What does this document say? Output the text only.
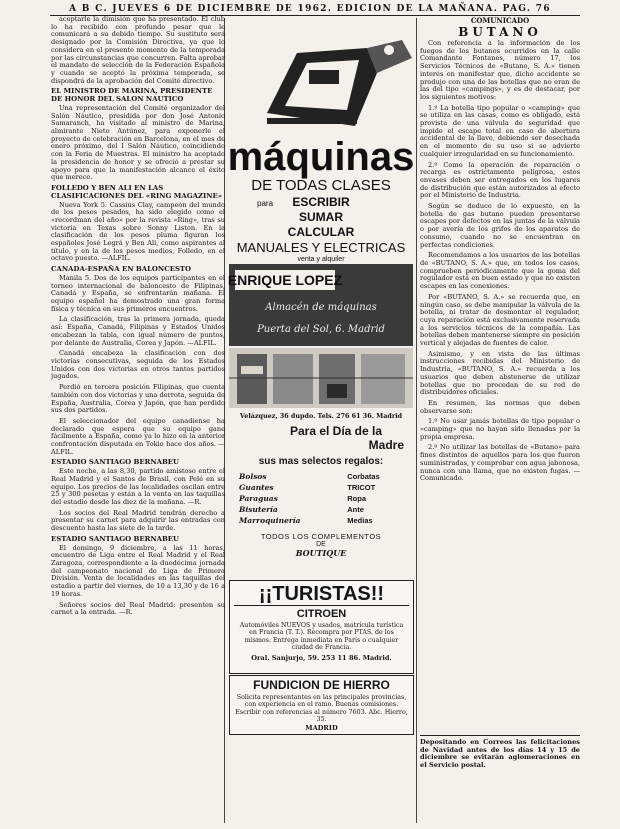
A B C. JUEVES 6 DE DICIEMBRE DE 1962. EDICION DE LA MAÑANA. PAG. 76

aceptarle la dimisión que ha presentado. El club lo ha recibido con profundo pesar que le comunicará a su debido tiempo. Su sustituto será designado por la Comisión Directiva, ya que lo considera en el presente momento de la temporada por las circunstancias que concurren. Falta aprobar el mandato de selección de la Federación Española y cuando se aceptó la próxima temporada, se dispondrá de la aprobación del Comité directivo.

EL MINISTRO DE MARINA, PRESIDENTE DE HONOR DEL SALON NAUTICO

Una representación del Comité organizador del Salón Náutico, presidida por don José Antonio Samaranch, ha visitado al ministro de Marina, almirante Nieto Antúnez, para exponerle el proyecto de celebración en Barcelona, en el mes de enero próximo, del I Salón Náutico, coincidiendo con la Feria de Muestras. El ministro ha aceptado la presidencia de honor y se ofreció a prestar su apoyo para que la manifestación alcance el éxito que merece.

FOLLEDO Y BEN ALI EN LAS CLASIFICACIONES DEL «RING MAGAZINE»

Nueva York 5. Cassius Clay, campeón del mundo de los pesos pesados, ha sido elegido como el «recordman del año» por la revista «Ring», tras su victoria en Texas sobre Sonny Liston. En la clasificación de los pesos pluma figuran los españoles José Legrá y Ben Ali, como aspirantes al título, y en la de los pesos medios, Folledo, en el octavo puesto. —ALFIL.

CANADA-ESPAÑA EN BALONCESTO

Manila 5. Dos de los equipos participantes en el torneo internacional de baloncesto de Filipinas, Canadá y España, se enfrentarán mañana. El equipo español ha demostrado una gran forma física y técnica en sus primeros encuentros.

La clasificación, tras la primera jornada, queda así: España, Canadá, Filipinas y Estados Unidos encabezan la tabla, con igual número de puntos, por delante de Australia, Corea y Japón. —ALFIL.

Canadá encabeza la clasificación con dos victorias consecutivas, seguida de los Estados Unidos con dos victorias en otros tantos partidos jugados.

Perdió en tercera posición Filipinas, que cuenta también con dos victorias y una derrota, seguida de España, Australia, Corea y Japón, que han perdido sus dos partidos.

El seleccionador del equipo canadiense ha declarado que espera que su equipo gane fácilmente a España, como ya lo hizo en la anterior confrontación disputada en Tokio hace dos años. —ALFIL.

ESTADIO SANTIAGO BERNABEU

Este noche, a las 8,30, partido amistoso entre el Real Madrid y el Santos de Brasil, con Pelé en su equipo. Los precios de las localidades oscilan entre 25 y 300 pesetas y están a la venta en las taquillas del estadio desde las diez de la mañana. —R.

Los socios del Real Madrid tendrán derecho a presentar su carnet para adquirir las entradas con descuento hasta las siete de la tarde.

ESTADIO SANTIAGO BERNABEU

El domingo, 9 diciembre, a las 11 horas, encuentro de Liga entre el Real Madrid y el Real Zaragoza, correspondiente a la duodécima jornada del campeonato nacional de Liga de Primera División. Venta de localidades en las taquillas del estadio a partir del viernes, de 10 a 13,30 y de 16 a 19 horas.

Señores socios del Real Madrid: presenten su carnet a la entrada. —R.

máquinas
DE TODAS CLASES
para ESCRIBIR
SUMAR
CALCULAR
MANUALES Y ELECTRICAS
venta y alquiler
ENRIQUE LOPEZ
Almacén de máquinas
Puerta del Sol, 6. Madrid
Velázquez, 36 dupdo. Tels. 276 61 36. Madrid
Para el Día de la
Madre
sus mas selectos regalos:
Bolsos	Corbatas
Guantes	TRICOT
Paraguas	Ropa
Bisutería	Ante
Marroquinería	Medias
TODOS LOS COMPLEMENTOS
DE
BOUTIQUE
¡¡TURISTAS!!
CITROEN
Automóviles NUEVOS y usados, matrícula turística en Francia (T. T.). Recompra por PTAS. de los mismos. Entrega inmediata en París o cualquier ciudad de Francia.
Oral. Sanjurjo, 59. 253 11 86. Madrid.
FUNDICION DE HIERRO
Solicita representantes en las principales provincias, con experiencia en el ramo. Buenas comisiones. Escribir con referencias al número 7603. Abc. Hierro, 35.
MADRID
COMUNICADO
BUTANO

Con referencia a la información de los fuegos de los butanos ocurridos en la calle Comandante Fontanes, número 17, los Servicios Técnicos de «Butano, S. A.» tienen interés en manifestar que, dicho accidente se produjo con una de las botellas que no eran de las del tipo «campings», y es de destacar, por los siguientes motivos:

1.º La botella tipo popular o «camping» que se utiliza en las casas, como es obligado, está provista de una válvula de seguridad que impide el escape total en caso de abertura accidental de la llave, debiendo ser desechada en el momento de su uso si se advierte cualquier irregularidad en su funcionamiento.

2.º Como la operación de reparación o recarga es estrictamente peligrosa, estos envases deben ser entregados en los lugares de distribución que están autorizados al efecto por el Ministerio de Industria.

Según se deduce de lo expuesto, en la botella de gas butano pueden presentarse escapes por defectos en las juntas de la válvula o por avería de los grifos de los aparatos de consumo, cuando no se encuentran en perfectas condiciones.

Recomendamos a los usuarios de las botellas de «BUTANO, S. A.» que, en todos los casos, comprueben periódicamente que la goma del regulador está en buen estado y que no existen escapes en las conexiones.

Por «BUTANO, S. A.» se recuerda que, en ningún caso, se debe manipular la válvula de la botella, ni tratar de desmontar el regulador, cuya reparación está exclusivamente reservada a los servicios técnicos de la compañía. Las botellas deben mantenerse siempre en posición vertical y alejadas de fuentes de calor.

Asimismo, y en vista de las últimas instrucciones recibidas del Ministerio de Industria, «BUTANO, S. A.» recuerda a los usuarios que deben abstenerse de utilizar botellas que no procedan de su red de distribuidores oficiales.

En resumen, las normas que deben observarse son:

1.º No usar jamás botellas de tipo popular o «camping» que no hayan sido llenadas por la propia empresa.

2.º No utilizar las botellas de «Butano» para fines distintos de aquellos para los que fueron suministradas, y comprobar con agua jabonosa, nunca con una llama, que no existen fugas. —Comunicado.

Depositando en Correos las felicitaciones de Navidad antes de los días 14 y 15 de diciembre se evitarán aglomeraciones en el Servicio postal.
